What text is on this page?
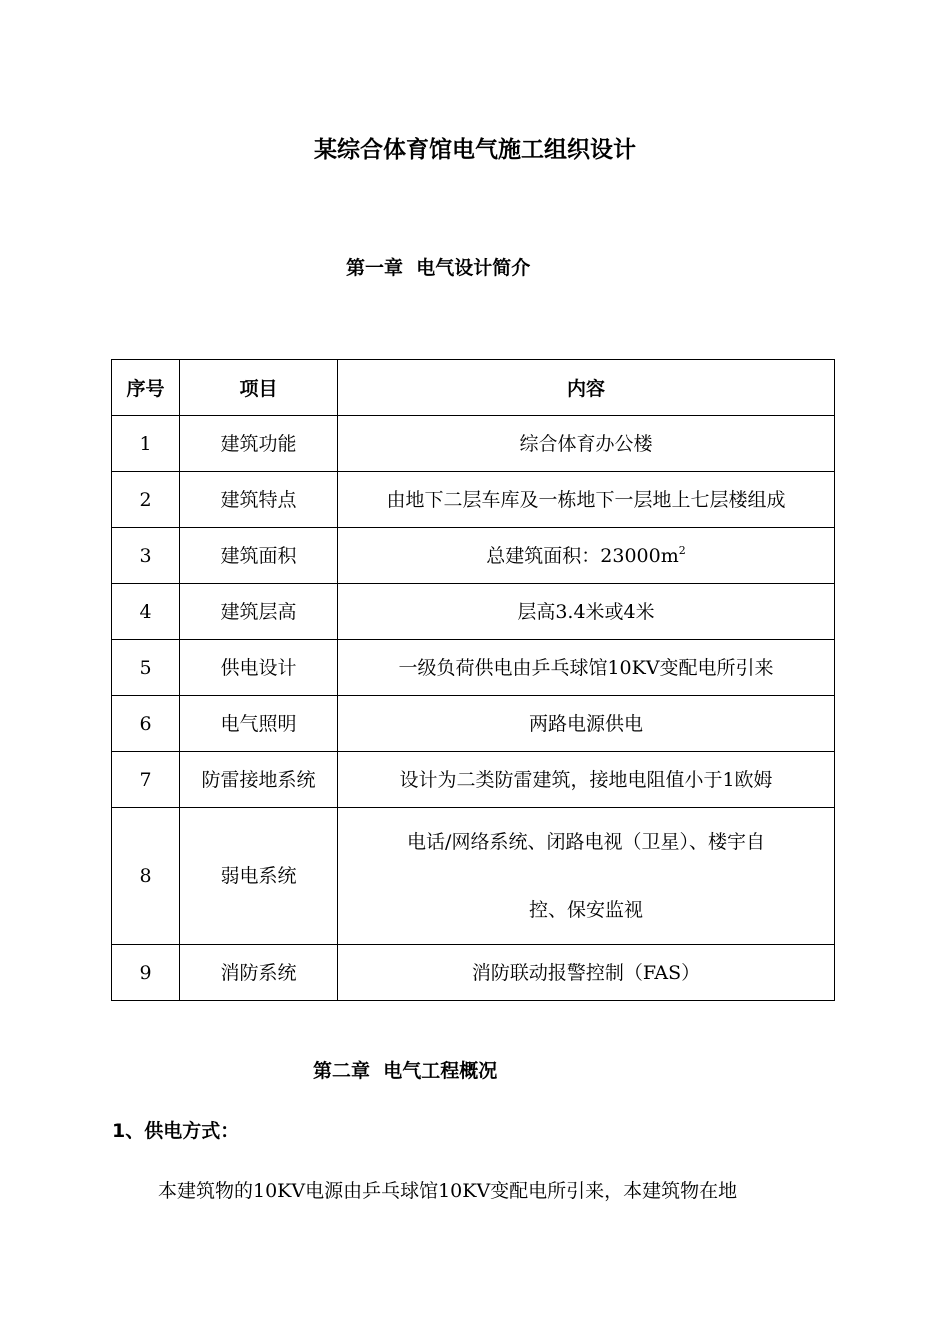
某综合体育馆电气施工组织设计
第一章  电气设计简介
序号	项目	内容
1	建筑功能	综合体育办公楼
2	建筑特点	由地下二层车库及一栋地下一层地上七层楼组成
3	建筑面积	总建筑面积：$23000m^2$
4	建筑层高	层高3.4米或4米
5	供电设计	一级负荷供电由乒乓球馆10KV变配电所引来
6	电气照明	两路电源供电
7	防雷接地系统	设计为二类防雷建筑，接地电阻值小于1欧姆
8	弱电系统	电话/网络系统、闭路电视（卫星）、楼宇自
控、保安监视
9	消防系统	消防联动报警控制（FAS）
第二章  电气工程概况
1、供电方式：

本建筑物的10KV电源由乒乓球馆10KV变配电所引来，本建筑物在地
